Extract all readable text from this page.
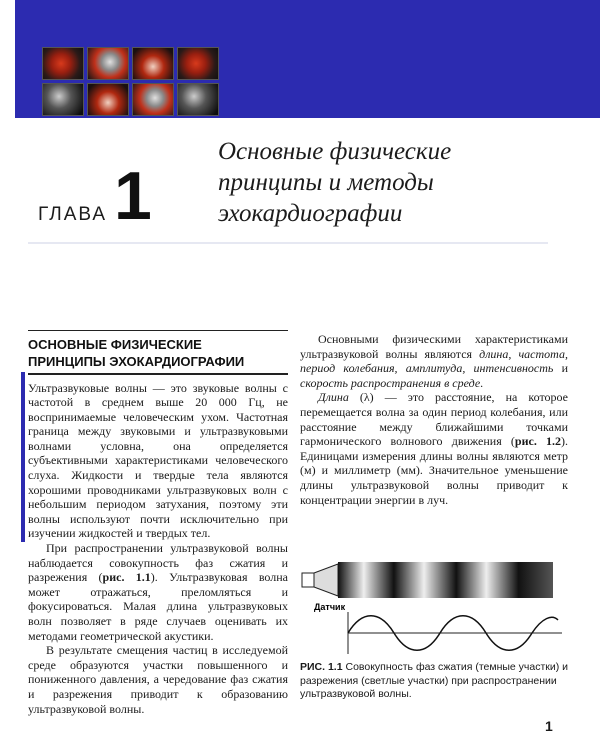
Основные физические
принципы и методы
эхокардиографии
ГЛАВА 1
ОСНОВНЫЕ ФИЗИЧЕСКИЕ
ПРИНЦИПЫ ЭХОКАРДИОГРАФИИ

Ультразвуковые волны — это звуковые волны с частотой в среднем выше 20 000 Гц, не воспринимаемые человеческим ухом. Частотная граница между звуковыми и ультразвуковыми волнами условна, она определяется субъективными характеристиками человеческого слуха. Жидкости и твердые тела являются хорошими проводниками ультразвуковых волн с небольшим периодом затухания, поэтому эти волны используют почти исключительно при изучении жидкостей и твердых тел.

При распространении ультразвуковой волны наблюдается совокупность фаз сжатия и разрежения (рис. 1.1). Ультразвуковая волна может отражаться, преломляться и фокусироваться. Малая длина ультразвуковых волн позволяет в ряде случаев оценивать их методами геометрической акустики.

В результате смещения частиц в исследуемой среде образуются участки повышенного и пониженного давления, а чередование фаз сжатия и разрежения приводит к образованию ультразвуковой волны.

Основными физическими характеристиками ультразвуковой волны являются длина, частота, период колебания, амплитуда, интенсивность и скорость распространения в среде.

Длина (λ) — это расстояние, на которое перемещается волна за один период колебания, или расстояние между ближайшими точками гармонического волнового движения (рис. 1.2). Единицами измерения длины волны являются метр (м) и миллиметр (мм). Значительное уменьшение длины ультразвуковой волны приводит к концентрации энергии в луч.

Датчик
РИС. 1.1 Совокупность фаз сжатия (темные участки) и разрежения (светлые участки) при распространении ультразвуковой волны.
1
